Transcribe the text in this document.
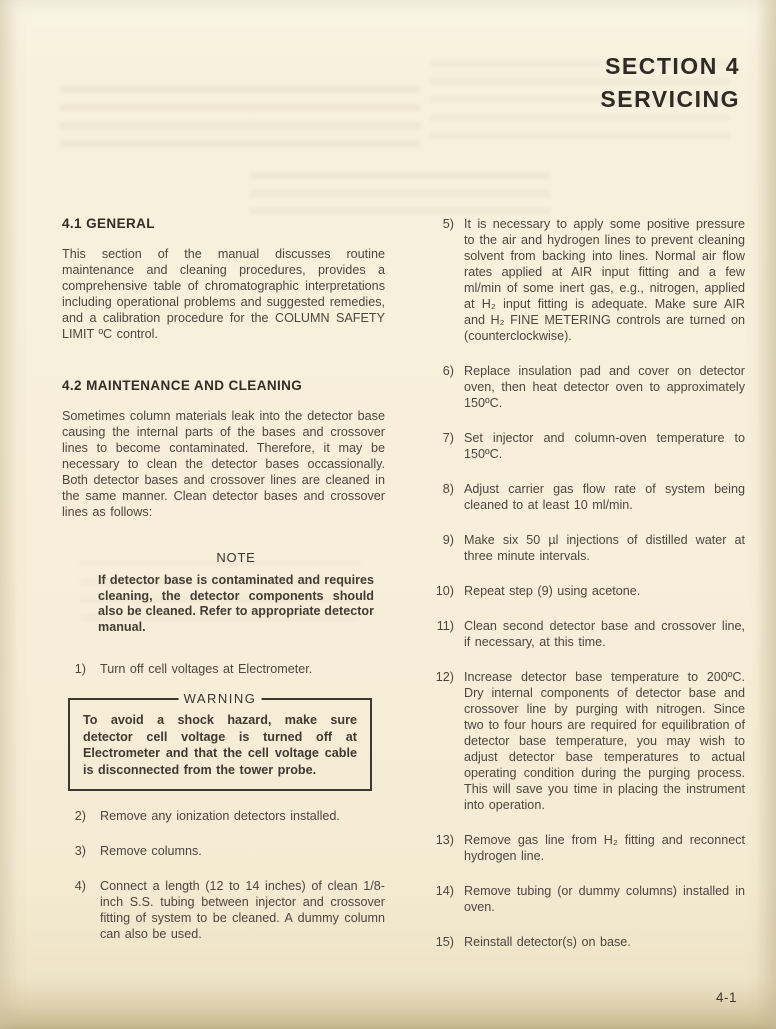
SECTION 4
SERVICING
4.1 GENERAL

This section of the manual discusses routine maintenance and cleaning procedures, provides a comprehensive table of chromatographic interpretations including operational problems and suggested remedies, and a calibration procedure for the COLUMN SAFETY LIMIT ºC control.

4.2 MAINTENANCE AND CLEANING

Sometimes column materials leak into the detector base causing the internal parts of the bases and crossover lines to become contaminated. Therefore, it may be necessary to clean the detector bases occassionally. Both detector bases and crossover lines are cleaned in the same manner. Clean detector bases and crossover lines as follows:

NOTE

If detector base is contaminated and requires cleaning, the detector components should also be cleaned. Refer to appropriate detector manual.

1) Turn off cell voltages at Electrometer.
WARNING

To avoid a shock hazard, make sure detector cell voltage is turned off at Electrometer and that the cell voltage cable is disconnected from the tower probe.

2) Remove any ionization detectors installed.
3) Remove columns.
4) Connect a length (12 to 14 inches) of clean 1/8-inch S.S. tubing between injector and crossover fitting of system to be cleaned. A dummy column can also be used.
5) It is necessary to apply some positive pressure to the air and hydrogen lines to prevent cleaning solvent from backing into lines. Normal air flow rates applied at AIR input fitting and a few ml/min of some inert gas, e.g., nitrogen, applied at H₂ input fitting is adequate. Make sure AIR and H₂ FINE METERING controls are turned on (counterclockwise).
6) Replace insulation pad and cover on detector oven, then heat detector oven to approximately 150ºC.
7) Set injector and column-oven temperature to 150ºC.
8) Adjust carrier gas flow rate of system being cleaned to at least 10 ml/min.
9) Make six 50 µl injections of distilled water at three minute intervals.
10) Repeat step (9) using acetone.
11) Clean second detector base and crossover line, if necessary, at this time.
12) Increase detector base temperature to 200ºC. Dry internal components of detector base and crossover line by purging with nitrogen. Since two to four hours are required for equilibration of detector base temperature, you may wish to adjust detector base temperatures to actual operating condition during the purging process. This will save you time in placing the instrument into operation.
13) Remove gas line from H₂ fitting and reconnect hydrogen line.
14) Remove tubing (or dummy columns) installed in oven.
15) Reinstall detector(s) on base.
4-1
